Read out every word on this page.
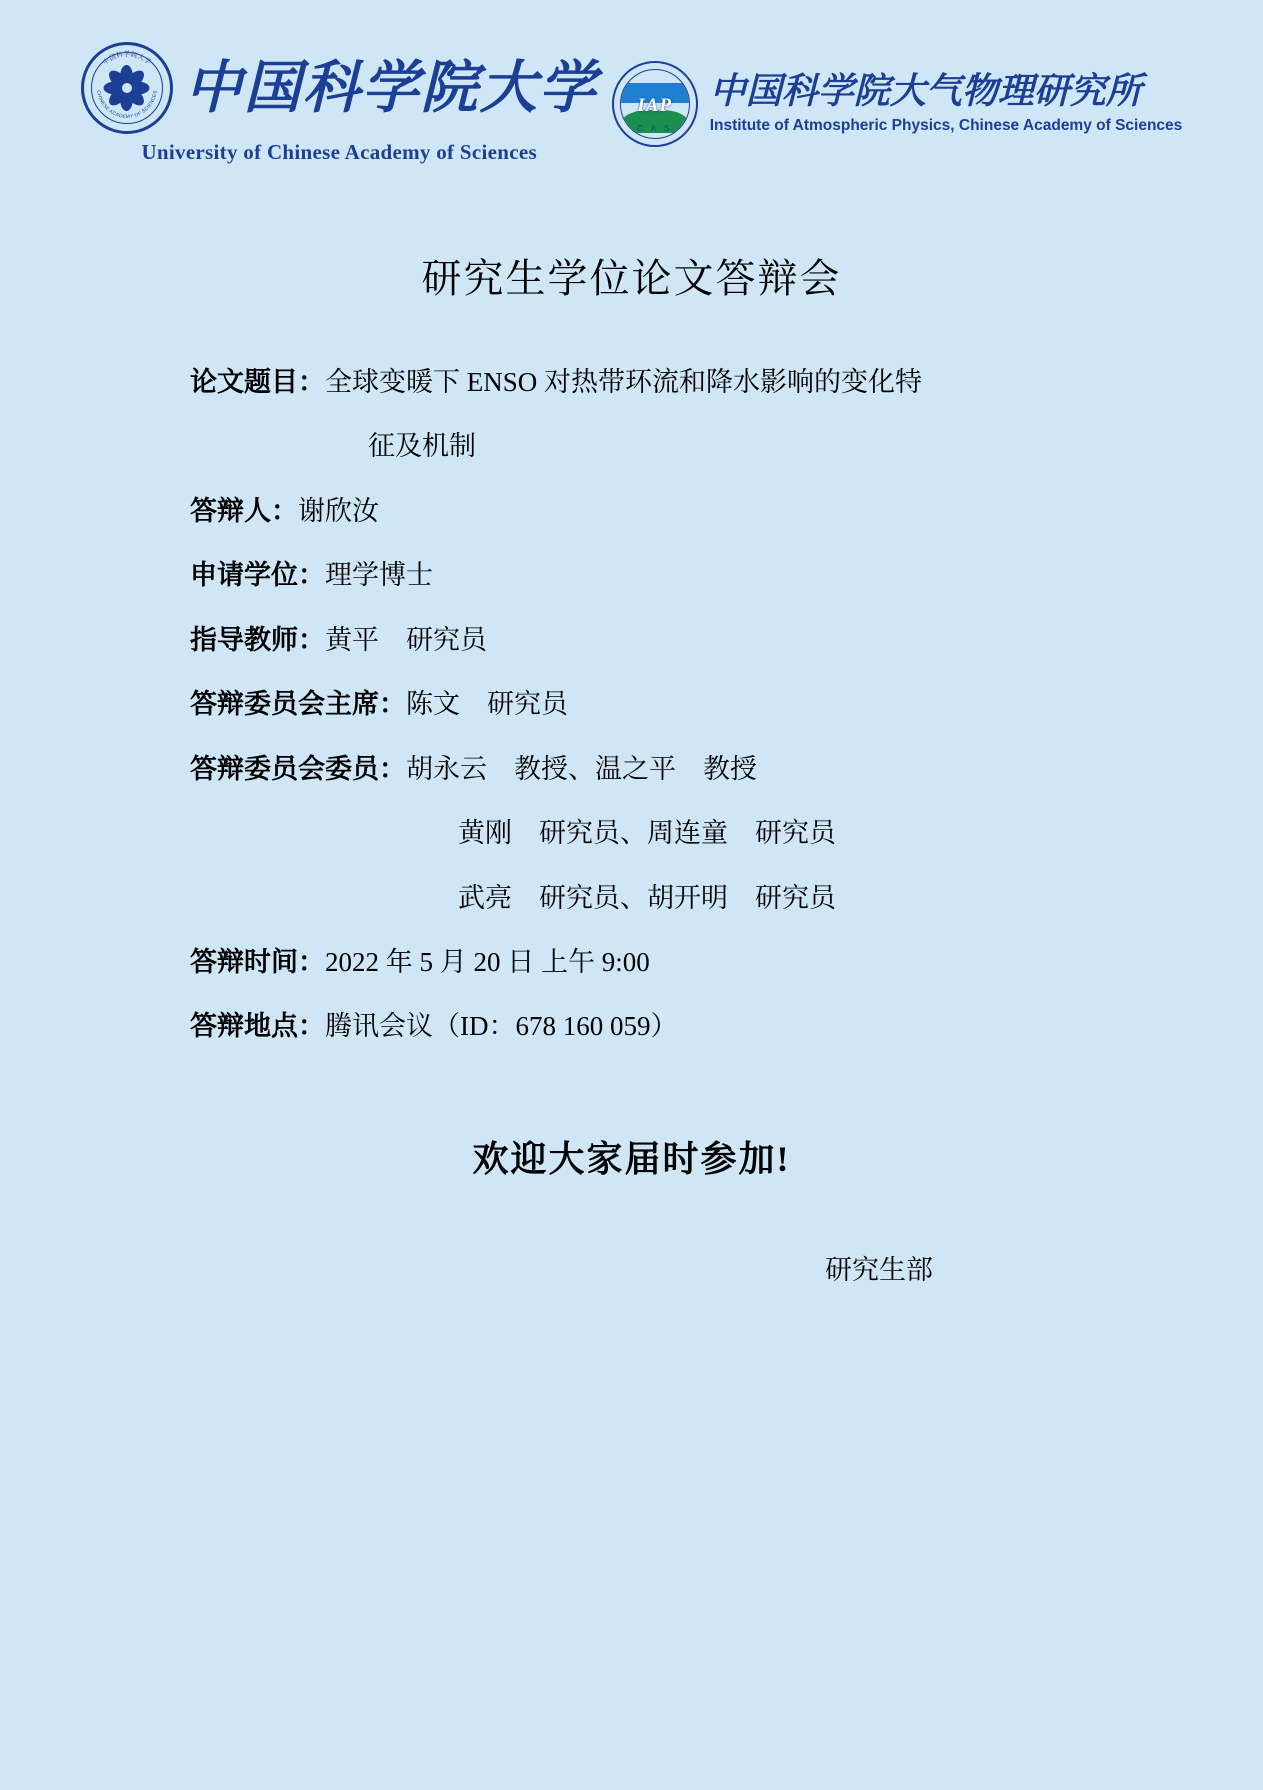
中国科学院大学
CHINESE ACADEMY OF SCIENCES 中国科学院大学
University of Chinese Academy of Sciences
IAP
C A S
中国科学院大气物理研究所
Institute of Atmospheric Physics, Chinese Academy of Sciences
研究生学位论文答辩会
论文题目： 全球变暖下 ENSO 对热带环流和降水影响的变化特
征及机制
答辩人： 谢欣汝
申请学位： 理学博士
指导教师： 黄平　研究员
答辩委员会主席： 陈文　研究员
答辩委员会委员： 胡永云　教授、温之平　教授
黄刚　研究员、周连童　研究员
武亮　研究员、胡开明　研究员
答辩时间： 2022 年 5 月 20 日 上午 9:00
答辩地点： 腾讯会议（ID：678 160 059）
欢迎大家届时参加!
研究生部
